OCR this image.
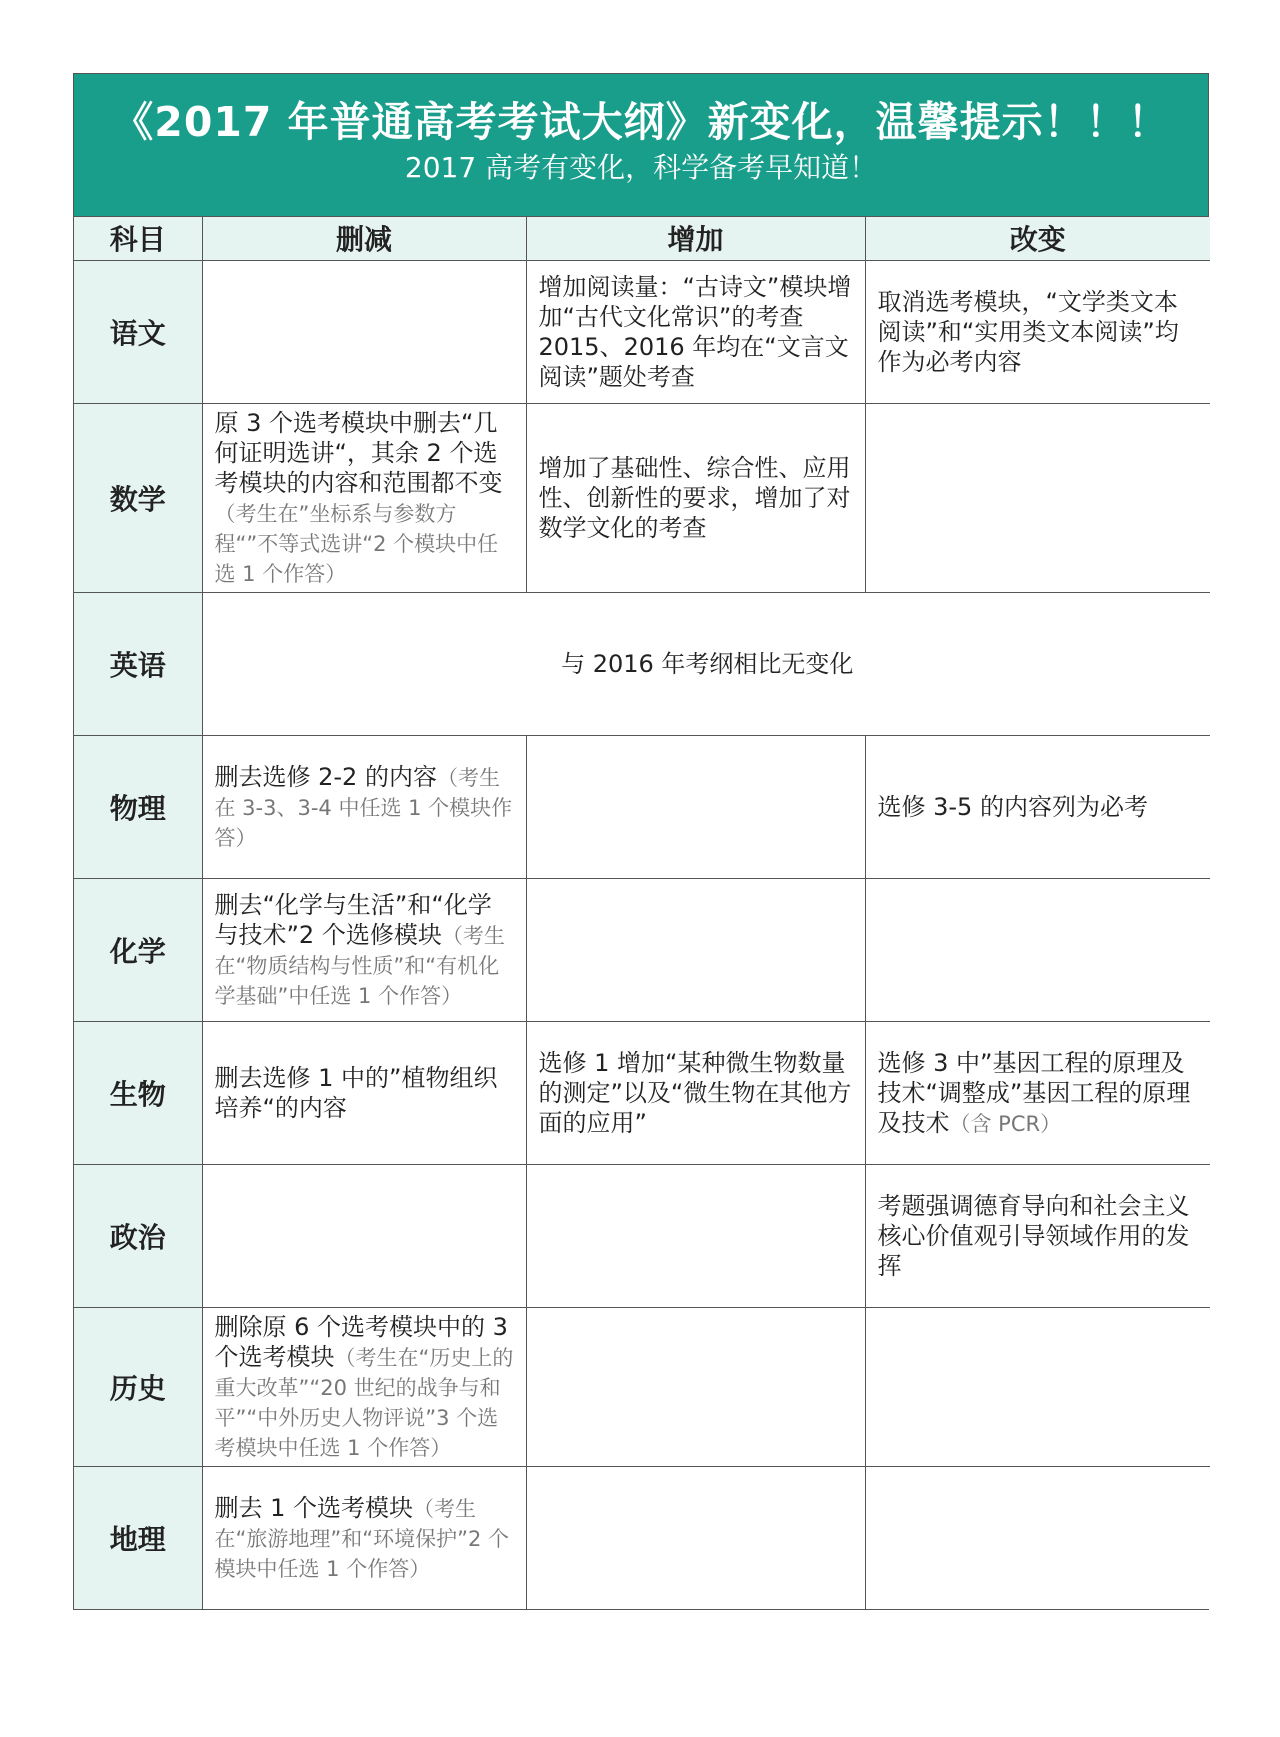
《2017 年普通高考考试大纲》新变化，温馨提示！！！
2017 高考有变化，科学备考早知道！
科目	删减	增加	改变
语文		增加阅读量：“古诗文”模块增加“古代文化常识”的考查 2015、2016 年均在“文言文阅读”题处考查	取消选考模块，“文学类文本阅读”和“实用类文本阅读”均作为必考内容
数学	原 3 个选考模块中删去“几何证明选讲“，其余 2 个选考模块的内容和范围都不变（考生在”坐标系与参数方程“”不等式选讲“2 个模块中任选 1 个作答）	增加了基础性、综合性、应用性、创新性的要求，增加了对数学文化的考查	
英语	与 2016 年考纲相比无变化		
物理	删去选修 2-2 的内容（考生在 3-3、3-4 中任选 1 个模块作答）		选修 3-5 的内容列为必考
化学	删去“化学与生活”和“化学与技术”2 个选修模块（考生在“物质结构与性质”和“有机化学基础”中任选 1 个作答）		
生物	删去选修 1 中的”植物组织培养“的内容	选修 1 增加“某种微生物数量的测定”以及“微生物在其他方面的应用”	选修 3 中”基因工程的原理及技术“调整成”基因工程的原理及技术（含 PCR）
政治			考题强调德育导向和社会主义核心价值观引导领域作用的发挥
历史	删除原 6 个选考模块中的 3 个选考模块（考生在“历史上的重大改革”“20 世纪的战争与和平”“中外历史人物评说”3 个选考模块中任选 1 个作答）		
地理	删去 1 个选考模块（考生在“旅游地理”和“环境保护”2 个模块中任选 1 个作答）		
